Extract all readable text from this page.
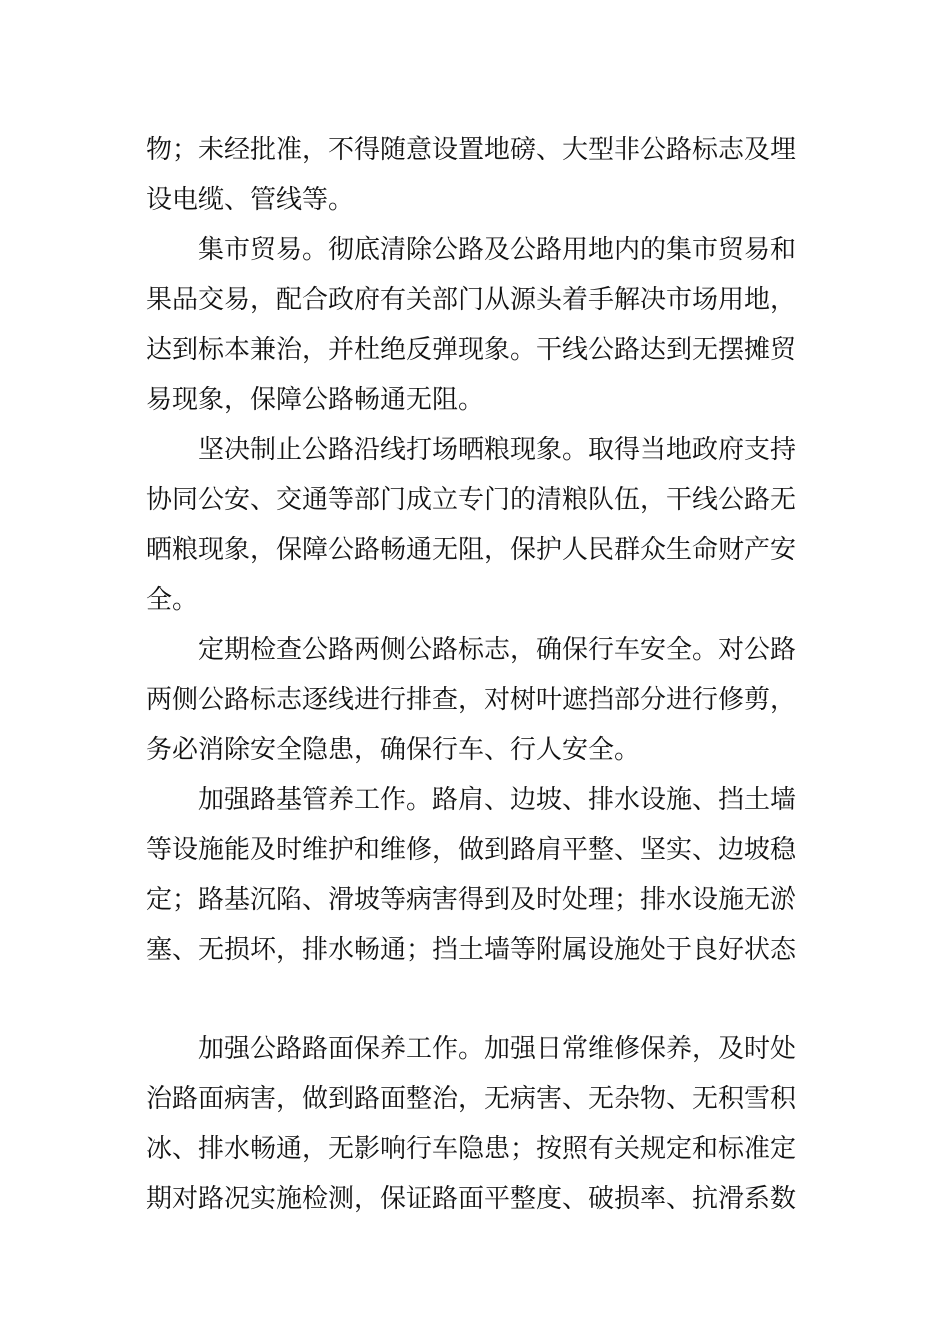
物；未经批准，不得随意设置地磅、大型非公路标志及埋
设电缆、管线等。
集市贸易。彻底清除公路及公路用地内的集市贸易和
果品交易，配合政府有关部门从源头着手解决市场用地，
达到标本兼治，并杜绝反弹现象。干线公路达到无摆摊贸
易现象，保障公路畅通无阻。
坚决制止公路沿线打场晒粮现象。取得当地政府支持
协同公安、交通等部门成立专门的清粮队伍，干线公路无
晒粮现象，保障公路畅通无阻，保护人民群众生命财产安
全。
定期检查公路两侧公路标志，确保行车安全。对公路
两侧公路标志逐线进行排查，对树叶遮挡部分进行修剪，
务必消除安全隐患，确保行车、行人安全。
加强路基管养工作。路肩、边坡、排水设施、挡土墙
等设施能及时维护和维修，做到路肩平整、坚实、边坡稳
定；路基沉陷、滑坡等病害得到及时处理；排水设施无淤
塞、无损坏，排水畅通；挡土墙等附属设施处于良好状态
加强公路路面保养工作。加强日常维修保养，及时处
治路面病害，做到路面整治，无病害、无杂物、无积雪积
冰、排水畅通，无影响行车隐患；按照有关规定和标准定
期对路况实施检测，保证路面平整度、破损率、抗滑系数
